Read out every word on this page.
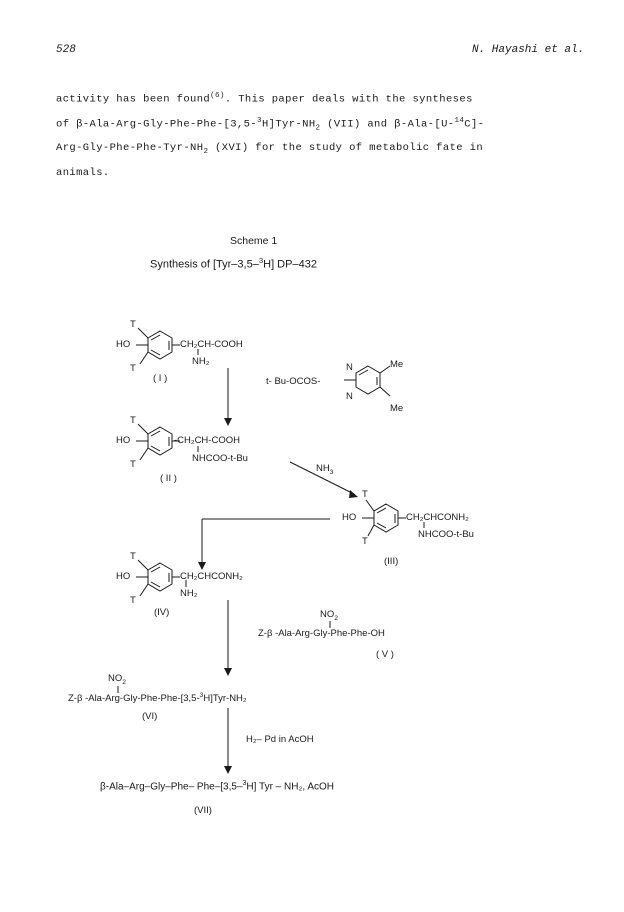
528	N. Hayashi et al.
activity has been found$^{(6)}$. This paper deals with the syntheses
of $\beta-Ala-Arg-Gly-Phe-Phe-[3,5-^3H]Tyr-NH_2$ (VII) and β-Ala-[U-$^{14}$C]-
Arg-$Gly-Phe-Phe-Tyr-NH_2$ (XVI) for the study of metabolic fate in
animals.
Scheme 1
Synthesis of [Tyr–3,5–$^3$H] DP–432
T
HO
T
CH₂CH-COOH
NH₂
( I )	t- Bu-OCOS-
N
N
Me
Me
T
HO
T
-CH₂CH-COOH
NHCOO-t-Bu
( II )
$NH_3$
T
HO
T
CH₂CHCONH₂
NHCOO-t-Bu
(III)
T
HO
T
CH₂CHCONH₂
NH₂
(IV)	$NO_2$
Z-β -Ala-Arg-Gly-Phe-Phe-OH
( V )
$NO_2$
Z-β -Ala-Arg-Gly-Phe-Phe-[3,5-$^3$H]Tyr-NH₂
(VI)
H₂– Pd in AcOH
β-Ala–Arg–Gly–Phe– Phe–[3,5–$^3$H] Tyr – NH₂, AcOH
(VII)
